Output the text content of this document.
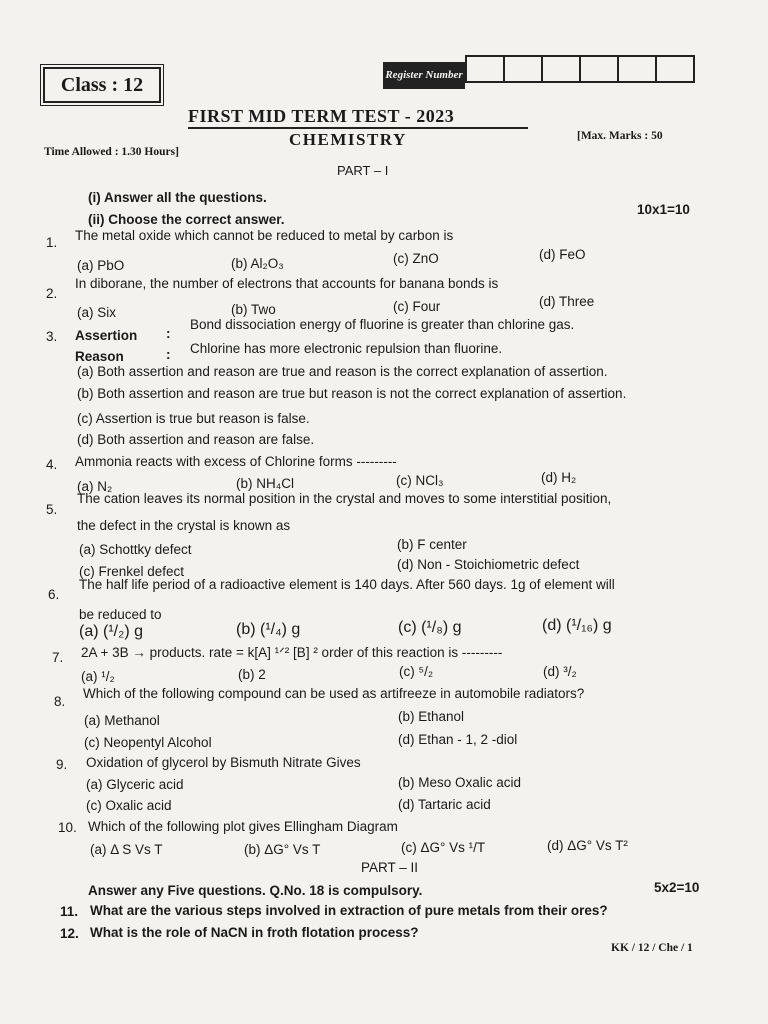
Class : 12	Register Number
FIRST MID TERM TEST - 2023
CHEMISTRY
Time Allowed : 1.30 Hours]
[Max. Marks : 50
PART – I
(i) Answer all the questions.
(ii) Choose the correct answer.
10x1=10
1. The metal oxide which cannot be reduced to metal by carbon is
(a) PbO	(b) Al₂O₃	(c) ZnO	(d) FeO
2.
In diborane, the number of electrons that accounts for banana bonds is
(a) Six	(b) Two	(c) Four	(d) Three
3. Assertion :
Bond dissociation energy of fluorine is greater than chlorine gas.
Reason	: Chlorine has more electronic repulsion than fluorine.
(a) Both assertion and reason are true and reason is the correct explanation of assertion.
(b) Both assertion and reason are true but reason is not the correct explanation of assertion.
(c) Assertion is true but reason is false.
(d) Both assertion and reason are false.
4. Ammonia reacts with excess of Chlorine forms ---------
(a) N₂	(b) NH₄Cl	(c) NCl₃	(d) H₂
5.
The cation leaves its normal position in the crystal and moves to some interstitial position,
the defect in the crystal is known as
(a) Schottky defect	(b) F center
(c) Frenkel defect	(d) Non - Stoichiometric defect
6.
The half life period of a radioactive element is 140 days. After 560 days. 1g of element will
be reduced to
(a) (¹/₂) g	(b) (¹/₄) g	(c) (¹/₈) g	(d) (¹/₁₆) g
7. 2A + 3B → products. rate = k[A] ¹ᐟ² [B] ² order of this reaction is ---------
(a) ¹/₂	(b) 2	(c) ⁵/₂	(d) ³/₂
8.
Which of the following compound can be used as artifreeze in automobile radiators?
(a) Methanol	(b) Ethanol
(c) Neopentyl Alcohol	(d) Ethan - 1, 2 -diol
9. Oxidation of glycerol by Bismuth Nitrate Gives
(a) Glyceric acid	(b) Meso Oxalic acid
(c) Oxalic acid	(d) Tartaric acid
10. Which of the following plot gives Ellingham Diagram
(a) Δ S Vs T	(b) ΔG° Vs T	(c) ΔG° Vs ¹/T	(d) ΔG° Vs T²
PART – II
Answer any Five questions. Q.No. 18 is compulsory.	5x2=10
11. What are the various steps involved in extraction of pure metals from their ores?
12. What is the role of NaCN in froth flotation process?
KK / 12 / Che / 1
